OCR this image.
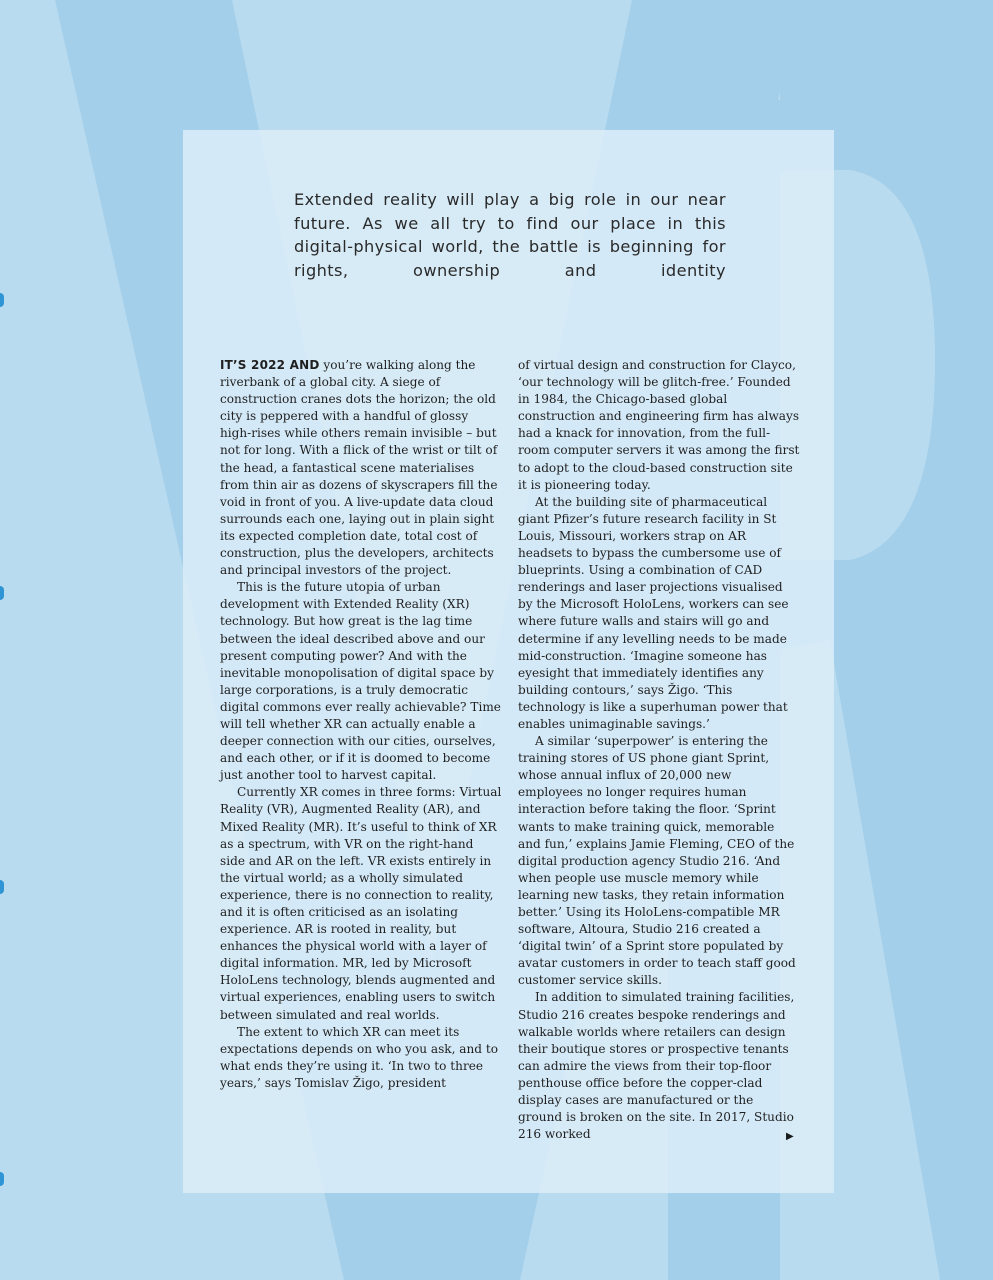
Extended reality will play a big role in our near future. As we all try to find our place in this digital-physical world, the battle is beginning for rights, ownership and identity

IT’S 2022 AND you’re walking along the riverbank of a global city. A siege of construction cranes dots the horizon; the old city is peppered with a handful of glossy high-rises while others remain invisible – but not for long. With a flick of the wrist or tilt of the head, a fantastical scene materialises from thin air as dozens of skyscrapers fill the void in front of you. A live-update data cloud surrounds each one, laying out in plain sight its expected completion date, total cost of construction, plus the developers, architects and principal investors of the project.

This is the future utopia of urban development with Extended Reality (XR) technology. But how great is the lag time between the ideal described above and our present computing power? And with the inevitable monopolisation of digital space by large corporations, is a truly democratic digital commons ever really achievable? Time will tell whether XR can actually enable a deeper connection with our cities, ourselves, and each other, or if it is doomed to become just another tool to harvest capital.

Currently XR comes in three forms: Virtual Reality (VR), Augmented Reality (AR), and Mixed Reality (MR). It’s useful to think of XR as a spectrum, with VR on the right-hand side and AR on the left. VR exists entirely in the virtual world; as a wholly simulated experience, there is no connection to reality, and it is often criticised as an isolating experience. AR is rooted in reality, but enhances the physical world with a layer of digital information. MR, led by Microsoft HoloLens technology, blends augmented and virtual experiences, enabling users to switch between simulated and real worlds.

The extent to which XR can meet its expectations depends on who you ask, and to what ends they’re using it. ‘In two to three years,’ says Tomislav Žigo, president

of virtual design and construction for Clayco, ‘our technology will be glitch-free.’ Founded in 1984, the Chicago-based global construction and engineering firm has always had a knack for innovation, from the full-room computer servers it was among the first to adopt to the cloud-based construction site it is pioneering today.

At the building site of pharmaceutical giant Pfizer’s future research facility in St Louis, Missouri, workers strap on AR headsets to bypass the cumbersome use of blueprints. Using a combination of CAD renderings and laser projections visualised by the Microsoft HoloLens, workers can see where future walls and stairs will go and determine if any levelling needs to be made mid-construction. ‘Imagine someone has eyesight that immediately identifies any building contours,’ says Žigo. ‘This technology is like a superhuman power that enables unimaginable savings.’

A similar ‘superpower’ is entering the training stores of US phone giant Sprint, whose annual influx of 20,000 new employees no longer requires human interaction before taking the floor. ‘Sprint wants to make training quick, memorable and fun,’ explains Jamie Fleming, CEO of the digital production agency Studio 216. ‘And when people use muscle memory while learning new tasks, they retain information better.’ Using its HoloLens-compatible MR software, Altoura, Studio 216 created a ‘digital twin’ of a Sprint store populated by avatar customers in order to teach staff good customer service skills.

In addition to simulated training facilities, Studio 216 creates bespoke renderings and walkable worlds where retailers can design their boutique stores or prospective tenants can admire the views from their top-floor penthouse office before the copper-clad display cases are manufactured or the ground is broken on the site. In 2017, Studio 216 worked	▶
